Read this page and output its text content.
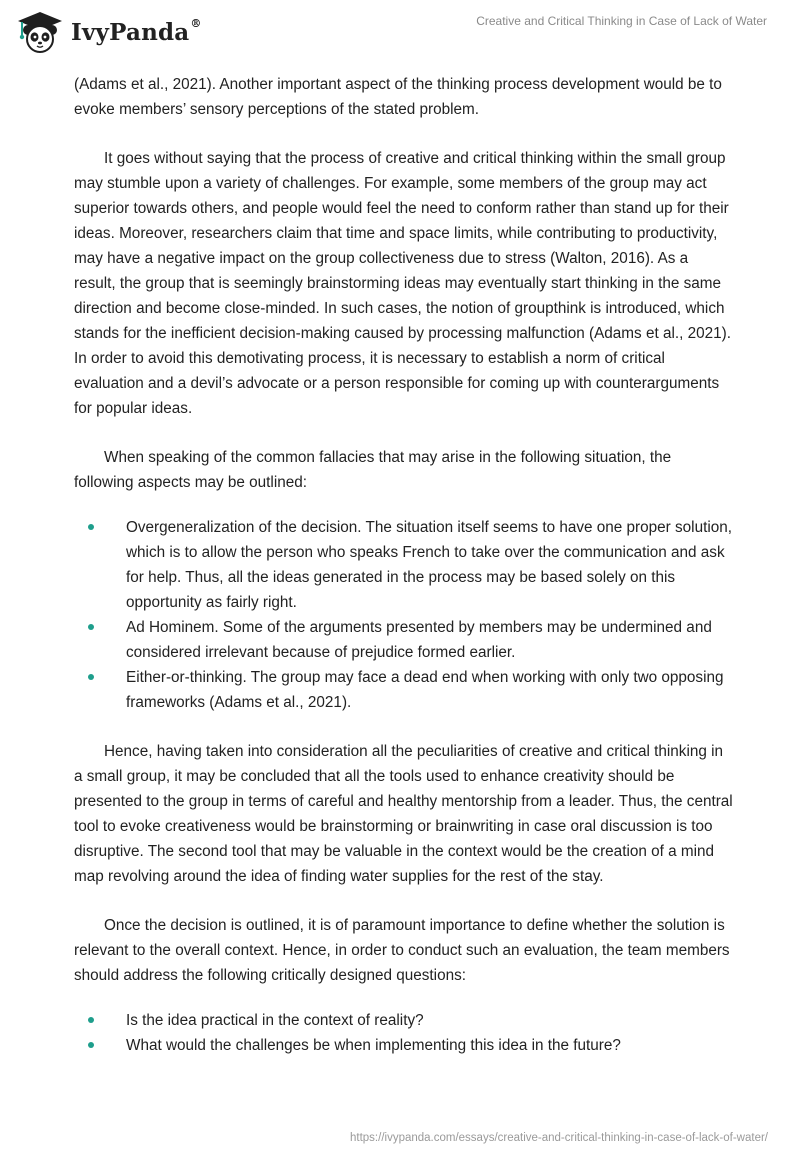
IvyPanda®	Creative and Critical Thinking in Case of Lack of Water

(Adams et al., 2021). Another important aspect of the thinking process development would be to evoke members’ sensory perceptions of the stated problem.

It goes without saying that the process of creative and critical thinking within the small group may stumble upon a variety of challenges. For example, some members of the group may act superior towards others, and people would feel the need to conform rather than stand up for their ideas. Moreover, researchers claim that time and space limits, while contributing to productivity, may have a negative impact on the group collectiveness due to stress (Walton, 2016). As a result, the group that is seemingly brainstorming ideas may eventually start thinking in the same direction and become close-minded. In such cases, the notion of groupthink is introduced, which stands for the inefficient decision-making caused by processing malfunction (Adams et al., 2021). In order to avoid this demotivating process, it is necessary to establish a norm of critical evaluation and a devil’s advocate or a person responsible for coming up with counterarguments for popular ideas.

When speaking of the common fallacies that may arise in the following situation, the following aspects may be outlined:

Overgeneralization of the decision. The situation itself seems to have one proper solution, which is to allow the person who speaks French to take over the communication and ask for help. Thus, all the ideas generated in the process may be based solely on this opportunity as fairly right.
Ad Hominem. Some of the arguments presented by members may be undermined and considered irrelevant because of prejudice formed earlier.
Either-or-thinking. The group may face a dead end when working with only two opposing frameworks (Adams et al., 2021).

Hence, having taken into consideration all the peculiarities of creative and critical thinking in a small group, it may be concluded that all the tools used to enhance creativity should be presented to the group in terms of careful and healthy mentorship from a leader. Thus, the central tool to evoke creativeness would be brainstorming or brainwriting in case oral discussion is too disruptive. The second tool that may be valuable in the context would be the creation of a mind map revolving around the idea of finding water supplies for the rest of the stay.

Once the decision is outlined, it is of paramount importance to define whether the solution is relevant to the overall context. Hence, in order to conduct such an evaluation, the team members should address the following critically designed questions:

Is the idea practical in the context of reality?
What would the challenges be when implementing this idea in the future?
https://ivypanda.com/essays/creative-and-critical-thinking-in-case-of-lack-of-water/
